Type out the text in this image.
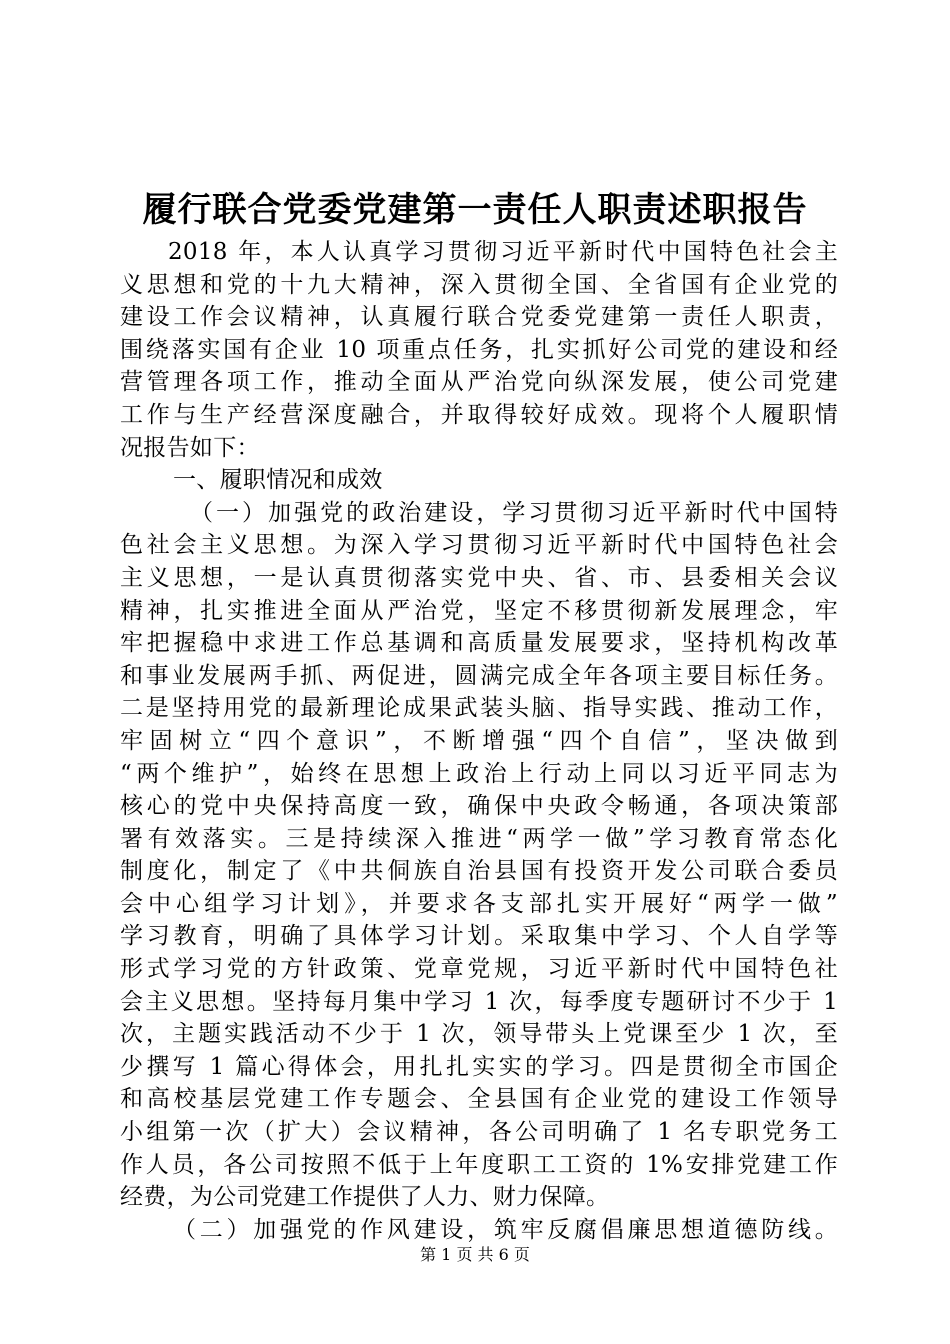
履行联合党委党建第一责任人职责述职报告
2018 年，本人认真学习贯彻习近平新时代中国特色社会主
义思想和党的十九大精神，深入贯彻全国、全省国有企业党的
建设工作会议精神，认真履行联合党委党建第一责任人职责，
围绕落实国有企业 10 项重点任务，扎实抓好公司党的建设和经
营管理各项工作，推动全面从严治党向纵深发展，使公司党建
工作与生产经营深度融合，并取得较好成效。现将个人履职情
况报告如下：
一、履职情况和成效
（一）加强党的政治建设，学习贯彻习近平新时代中国特
色社会主义思想。为深入学习贯彻习近平新时代中国特色社会
主义思想，一是认真贯彻落实党中央、省、市、县委相关会议
精神，扎实推进全面从严治党，坚定不移贯彻新发展理念，牢
牢把握稳中求进工作总基调和高质量发展要求，坚持机构改革
和事业发展两手抓、两促进，圆满完成全年各项主要目标任务。
二是坚持用党的最新理论成果武装头脑、指导实践、推动工作，
牢固树立“四个意识”，不断增强“四个自信”，坚决做到
“两个维护”，始终在思想上政治上行动上同以习近平同志为
核心的党中央保持高度一致，确保中央政令畅通，各项决策部
署有效落实。三是持续深入推进“两学一做”学习教育常态化
制度化，制定了《中共侗族自治县国有投资开发公司联合委员
会中心组学习计划》，并要求各支部扎实开展好“两学一做”
学习教育，明确了具体学习计划。采取集中学习、个人自学等
形式学习党的方针政策、党章党规，习近平新时代中国特色社
会主义思想。坚持每月集中学习 1 次，每季度专题研讨不少于 1
次，主题实践活动不少于 1 次，领导带头上党课至少 1 次，至
少撰写 1 篇心得体会，用扎扎实实的学习。四是贯彻全市国企
和高校基层党建工作专题会、全县国有企业党的建设工作领导
小组第一次（扩大）会议精神，各公司明确了 1 名专职党务工
作人员，各公司按照不低于上年度职工工资的 1%安排党建工作
经费，为公司党建工作提供了人力、财力保障。
（二）加强党的作风建设，筑牢反腐倡廉思想道德防线。
第 1 页 共 6 页
